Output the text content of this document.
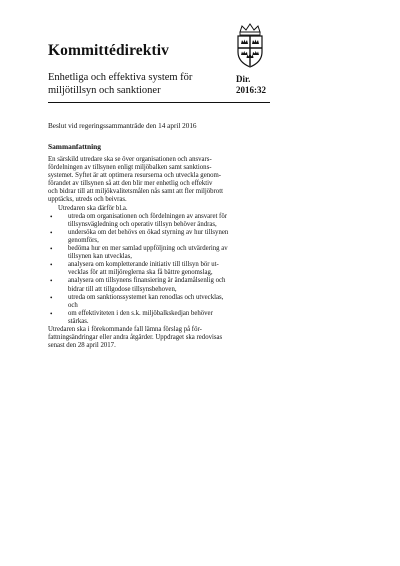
Kommittédirektiv
Enhetliga och effektiva system för miljötillsyn och sanktioner
Dir.
2016:32
Beslut vid regeringssammanträde den 14 april 2016
Sammanfattning

En särskild utredare ska se över organisationen och ansvars-

fördelningen av tillsynen enligt miljöbalken samt sanktions-

systemet. Syftet är att optimera resurserna och utveckla genom-

förandet av tillsynen så att den blir mer enhetlig och effektiv

och bidrar till att miljökvalitetsmålen nås samt att fler miljöbrott

upptäcks, utreds och beivras.

Utredaren ska därför bl.a.

• utreda om organisationen och fördelningen av ansvaret för
tillsynsvägledning och operativ tillsyn behöver ändras,
• undersöka om det behövs en ökad styrning av hur tillsynen
genomförs,
• bedöma hur en mer samlad uppföljning och utvärdering av
tillsynen kan utvecklas,
• analysera om kompletterande initiativ till tillsyn bör ut-
vecklas för att miljöreglerna ska få bättre genomslag,
• analysera om tillsynens finansiering är ändamålsenlig och
bidrar till att tillgodose tillsynsbehoven,
• utreda om sanktionssystemet kan renodlas och utvecklas,
och
• om effektiviteten i den s.k. miljöbalkskedjan behöver
stärkas.

Utredaren ska i förekommande fall lämna förslag på för-

fattningsändringar eller andra åtgärder. Uppdraget ska redovisas

senast den 28 april 2017.
